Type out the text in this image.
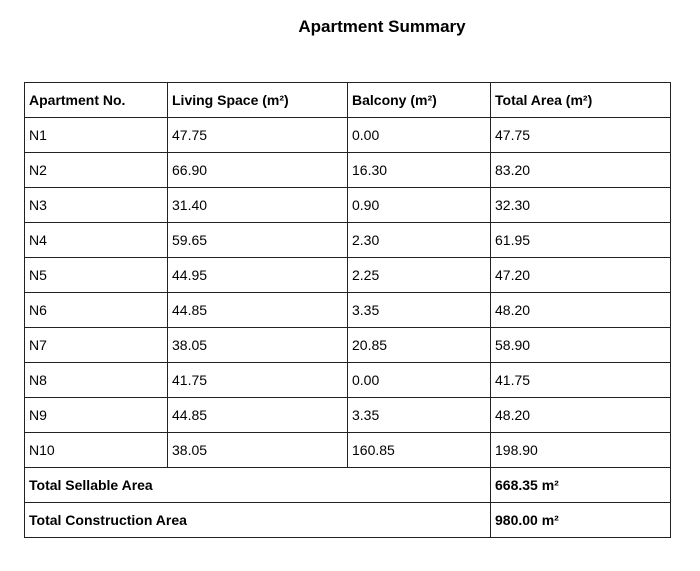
Apartment Summary
Apartment No.	Living Space (m²)	Balcony (m²)	Total Area (m²)
N1	47.75	0.00	47.75
N2	66.90	16.30	83.20
N3	31.40	0.90	32.30
N4	59.65	2.30	61.95
N5	44.95	2.25	47.20
N6	44.85	3.35	48.20
N7	38.05	20.85	58.90
N8	41.75	0.00	41.75
N9	44.85	3.35	48.20
N10	38.05	160.85	198.90
Total Sellable Area			668.35 m²
Total Construction Area			980.00 m²
